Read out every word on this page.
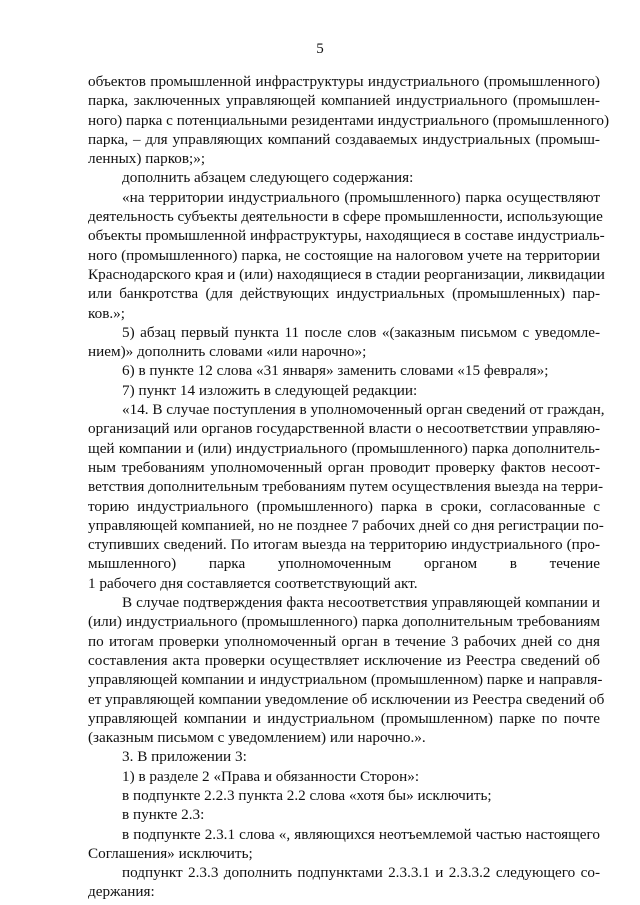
5
объектов промышленной инфраструктуры индустриального (промышленного)
парка, заключенных управляющей компанией индустриального (промышлен-
ного) парка с потенциальными резидентами индустриального (промышленного)
парка, – для управляющих компаний создаваемых индустриальных (промыш-
ленных) парков;»;
дополнить абзацем следующего содержания:
«на территории индустриального (промышленного) парка осуществляют
деятельность субъекты деятельности в сфере промышленности, использующие
объекты промышленной инфраструктуры, находящиеся в составе индустриаль-
ного (промышленного) парка, не состоящие на налоговом учете на территории
Краснодарского края и (или) находящиеся в стадии реорганизации, ликвидации
или банкротства (для действующих индустриальных (промышленных) пар-
ков.»;
5) абзац первый пункта 11 после слов «(заказным письмом с уведомле-
нием)» дополнить словами «или нарочно»;
6) в пункте 12 слова «31 января» заменить словами «15 февраля»;
7) пункт 14 изложить в следующей редакции:
«14. В случае поступления в уполномоченный орган сведений от граждан,
организаций или органов государственной власти о несоответствии управляю-
щей компании и (или) индустриального (промышленного) парка дополнитель-
ным требованиям уполномоченный орган проводит проверку фактов несоот-
ветствия дополнительным требованиям путем осуществления выезда на терри-
торию индустриального (промышленного) парка в сроки, согласованные с
управляющей компанией, но не позднее 7 рабочих дней со дня регистрации по-
ступивших сведений. По итогам выезда на территорию индустриального (про-
мышленного) парка уполномоченным органом в течение
1 рабочего дня составляется соответствующий акт.
В случае подтверждения факта несоответствия управляющей компании и
(или) индустриального (промышленного) парка дополнительным требованиям
по итогам проверки уполномоченный орган в течение 3 рабочих дней со дня
составления акта проверки осуществляет исключение из Реестра сведений об
управляющей компании и индустриальном (промышленном) парке и направля-
ет управляющей компании уведомление об исключении из Реестра сведений об
управляющей компании и индустриальном (промышленном) парке по почте
(заказным письмом с уведомлением) или нарочно.».
3. В приложении 3:
1) в разделе 2 «Права и обязанности Сторон»:
в подпункте 2.2.3 пункта 2.2 слова «хотя бы» исключить;
в пункте 2.3:
в подпункте 2.3.1 слова «, являющихся неотъемлемой частью настоящего
Соглашения» исключить;
подпункт 2.3.3 дополнить подпунктами 2.3.3.1 и 2.3.3.2 следующего со-
держания:
